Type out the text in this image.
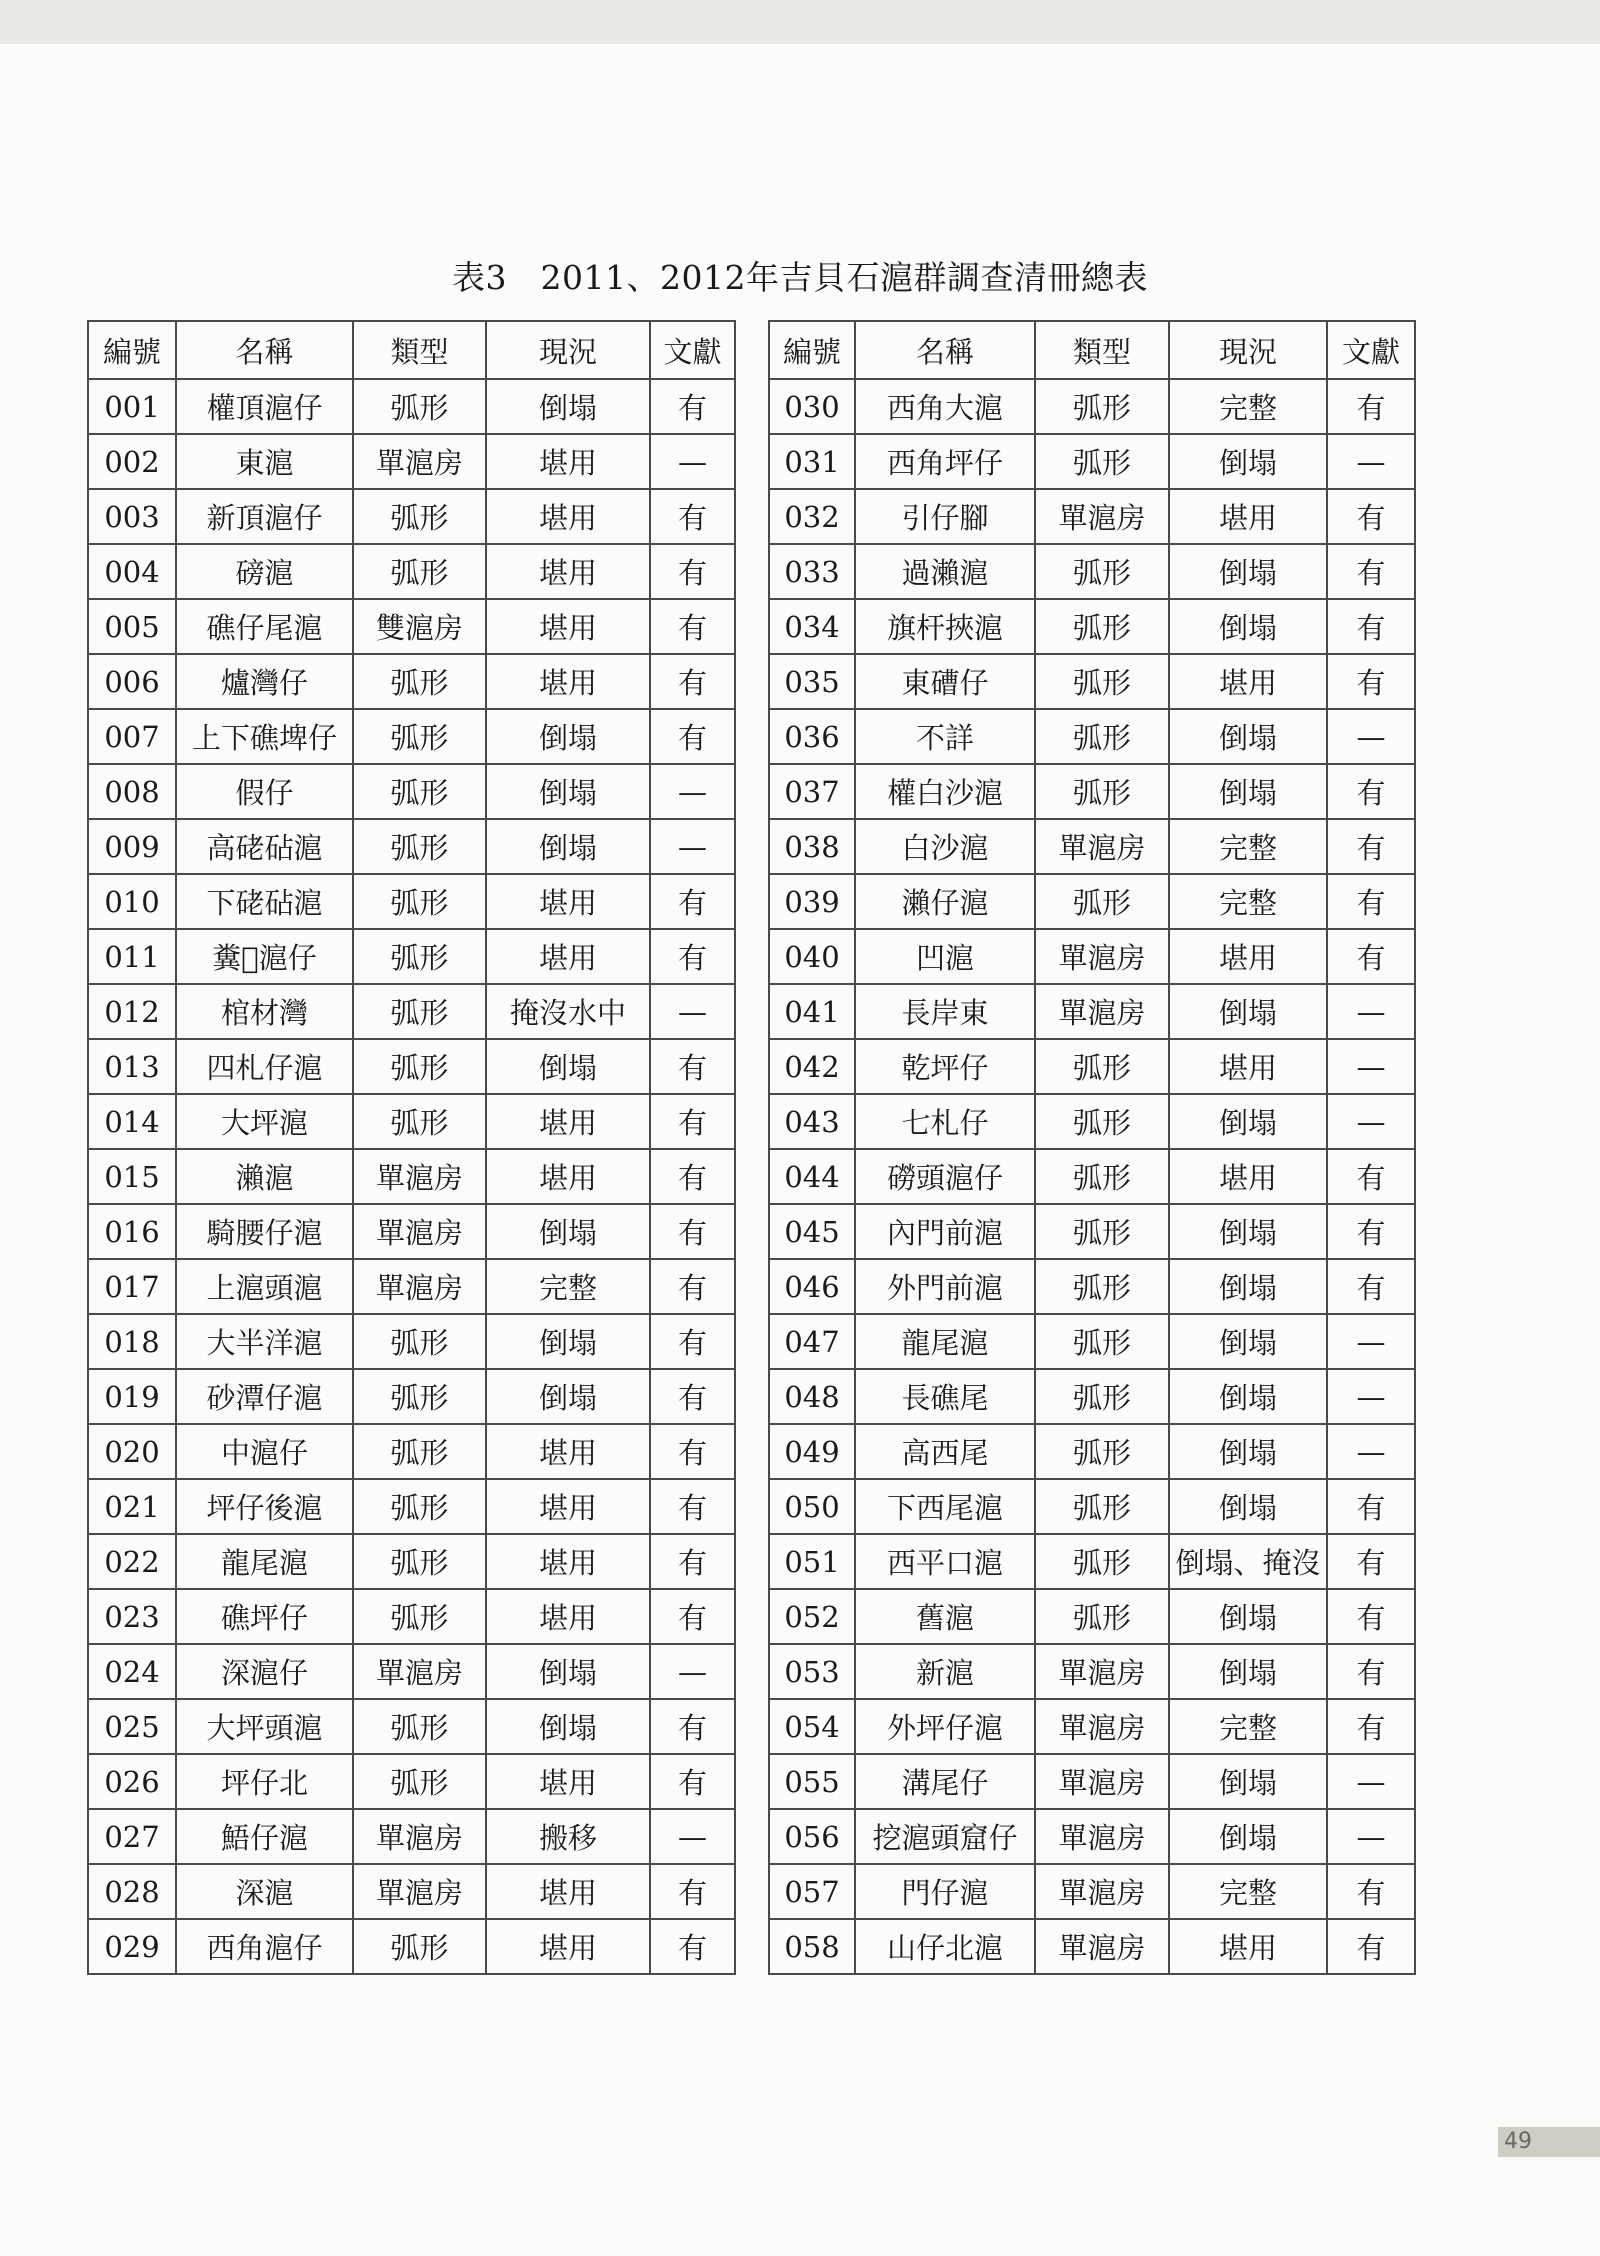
表3　2011、2012年吉貝石滬群調查清冊總表
編號	名稱	類型	現況	文獻
001	權頂滬仔	弧形	倒塌	有
002	東滬	單滬房	堪用	—
003	新頂滬仔	弧形	堪用	有
004	磅滬	弧形	堪用	有
005	礁仔尾滬	雙滬房	堪用	有
006	爐灣仔	弧形	堪用	有
007	上下礁埤仔	弧形	倒塌	有
008	假仔	弧形	倒塌	—
009	高硓砧滬	弧形	倒塌	—
010	下硓砧滬	弧形	堪用	有
011	糞𡋟滬仔	弧形	堪用	有
012	棺材灣	弧形	掩沒水中	—
013	四札仔滬	弧形	倒塌	有
014	大坪滬	弧形	堪用	有
015	瀨滬	單滬房	堪用	有
016	騎腰仔滬	單滬房	倒塌	有
017	上滬頭滬	單滬房	完整	有
018	大半洋滬	弧形	倒塌	有
019	砂潭仔滬	弧形	倒塌	有
020	中滬仔	弧形	堪用	有
021	坪仔後滬	弧形	堪用	有
022	龍尾滬	弧形	堪用	有
023	礁坪仔	弧形	堪用	有
024	深滬仔	單滬房	倒塌	—
025	大坪頭滬	弧形	倒塌	有
026	坪仔北	弧形	堪用	有
027	鯃仔滬	單滬房	搬移	—
028	深滬	單滬房	堪用	有
029	西角滬仔	弧形	堪用	有
編號	名稱	類型	現況	文獻
030	西角大滬	弧形	完整	有
031	西角坪仔	弧形	倒塌	—
032	引仔腳	單滬房	堪用	有
033	過瀨滬	弧形	倒塌	有
034	旗杆挾滬	弧形	倒塌	有
035	東𥕢仔	弧形	堪用	有
036	不詳	弧形	倒塌	—
037	權白沙滬	弧形	倒塌	有
038	白沙滬	單滬房	完整	有
039	瀨仔滬	弧形	完整	有
040	凹滬	單滬房	堪用	有
041	長岸東	單滬房	倒塌	—
042	乾坪仔	弧形	堪用	—
043	七札仔	弧形	倒塌	—
044	磱頭滬仔	弧形	堪用	有
045	內門前滬	弧形	倒塌	有
046	外門前滬	弧形	倒塌	有
047	龍尾滬	弧形	倒塌	—
048	長礁尾	弧形	倒塌	—
049	高西尾	弧形	倒塌	—
050	下西尾滬	弧形	倒塌	有
051	西平口滬	弧形	倒塌、掩沒	有
052	舊滬	弧形	倒塌	有
053	新滬	單滬房	倒塌	有
054	外坪仔滬	單滬房	完整	有
055	溝尾仔	單滬房	倒塌	—
056	挖滬頭窟仔	單滬房	倒塌	—
057	門仔滬	單滬房	完整	有
058	山仔北滬	單滬房	堪用	有
49
